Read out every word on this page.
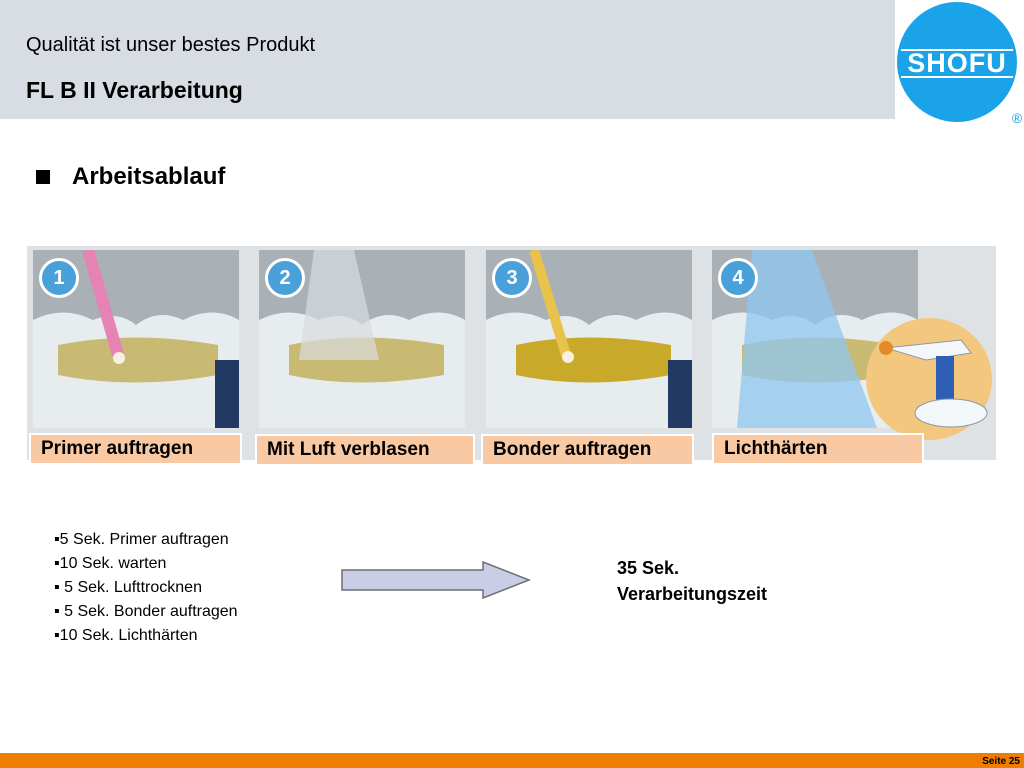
Qualität ist unser bestes Produkt
FL B II Verarbeitung
SHOFU
®
Arbeitsablauf
1	2	3	4
Primer auftragen	Mit Luft verblasen	Bonder auftragen	Lichthärten
▪5 Sek. Primer auftragen
▪10 Sek. warten
▪ 5 Sek. Lufttrocknen
▪ 5 Sek. Bonder auftragen
▪10 Sek. Lichthärten
35 Sek.
Verarbeitungszeit
Seite 25
